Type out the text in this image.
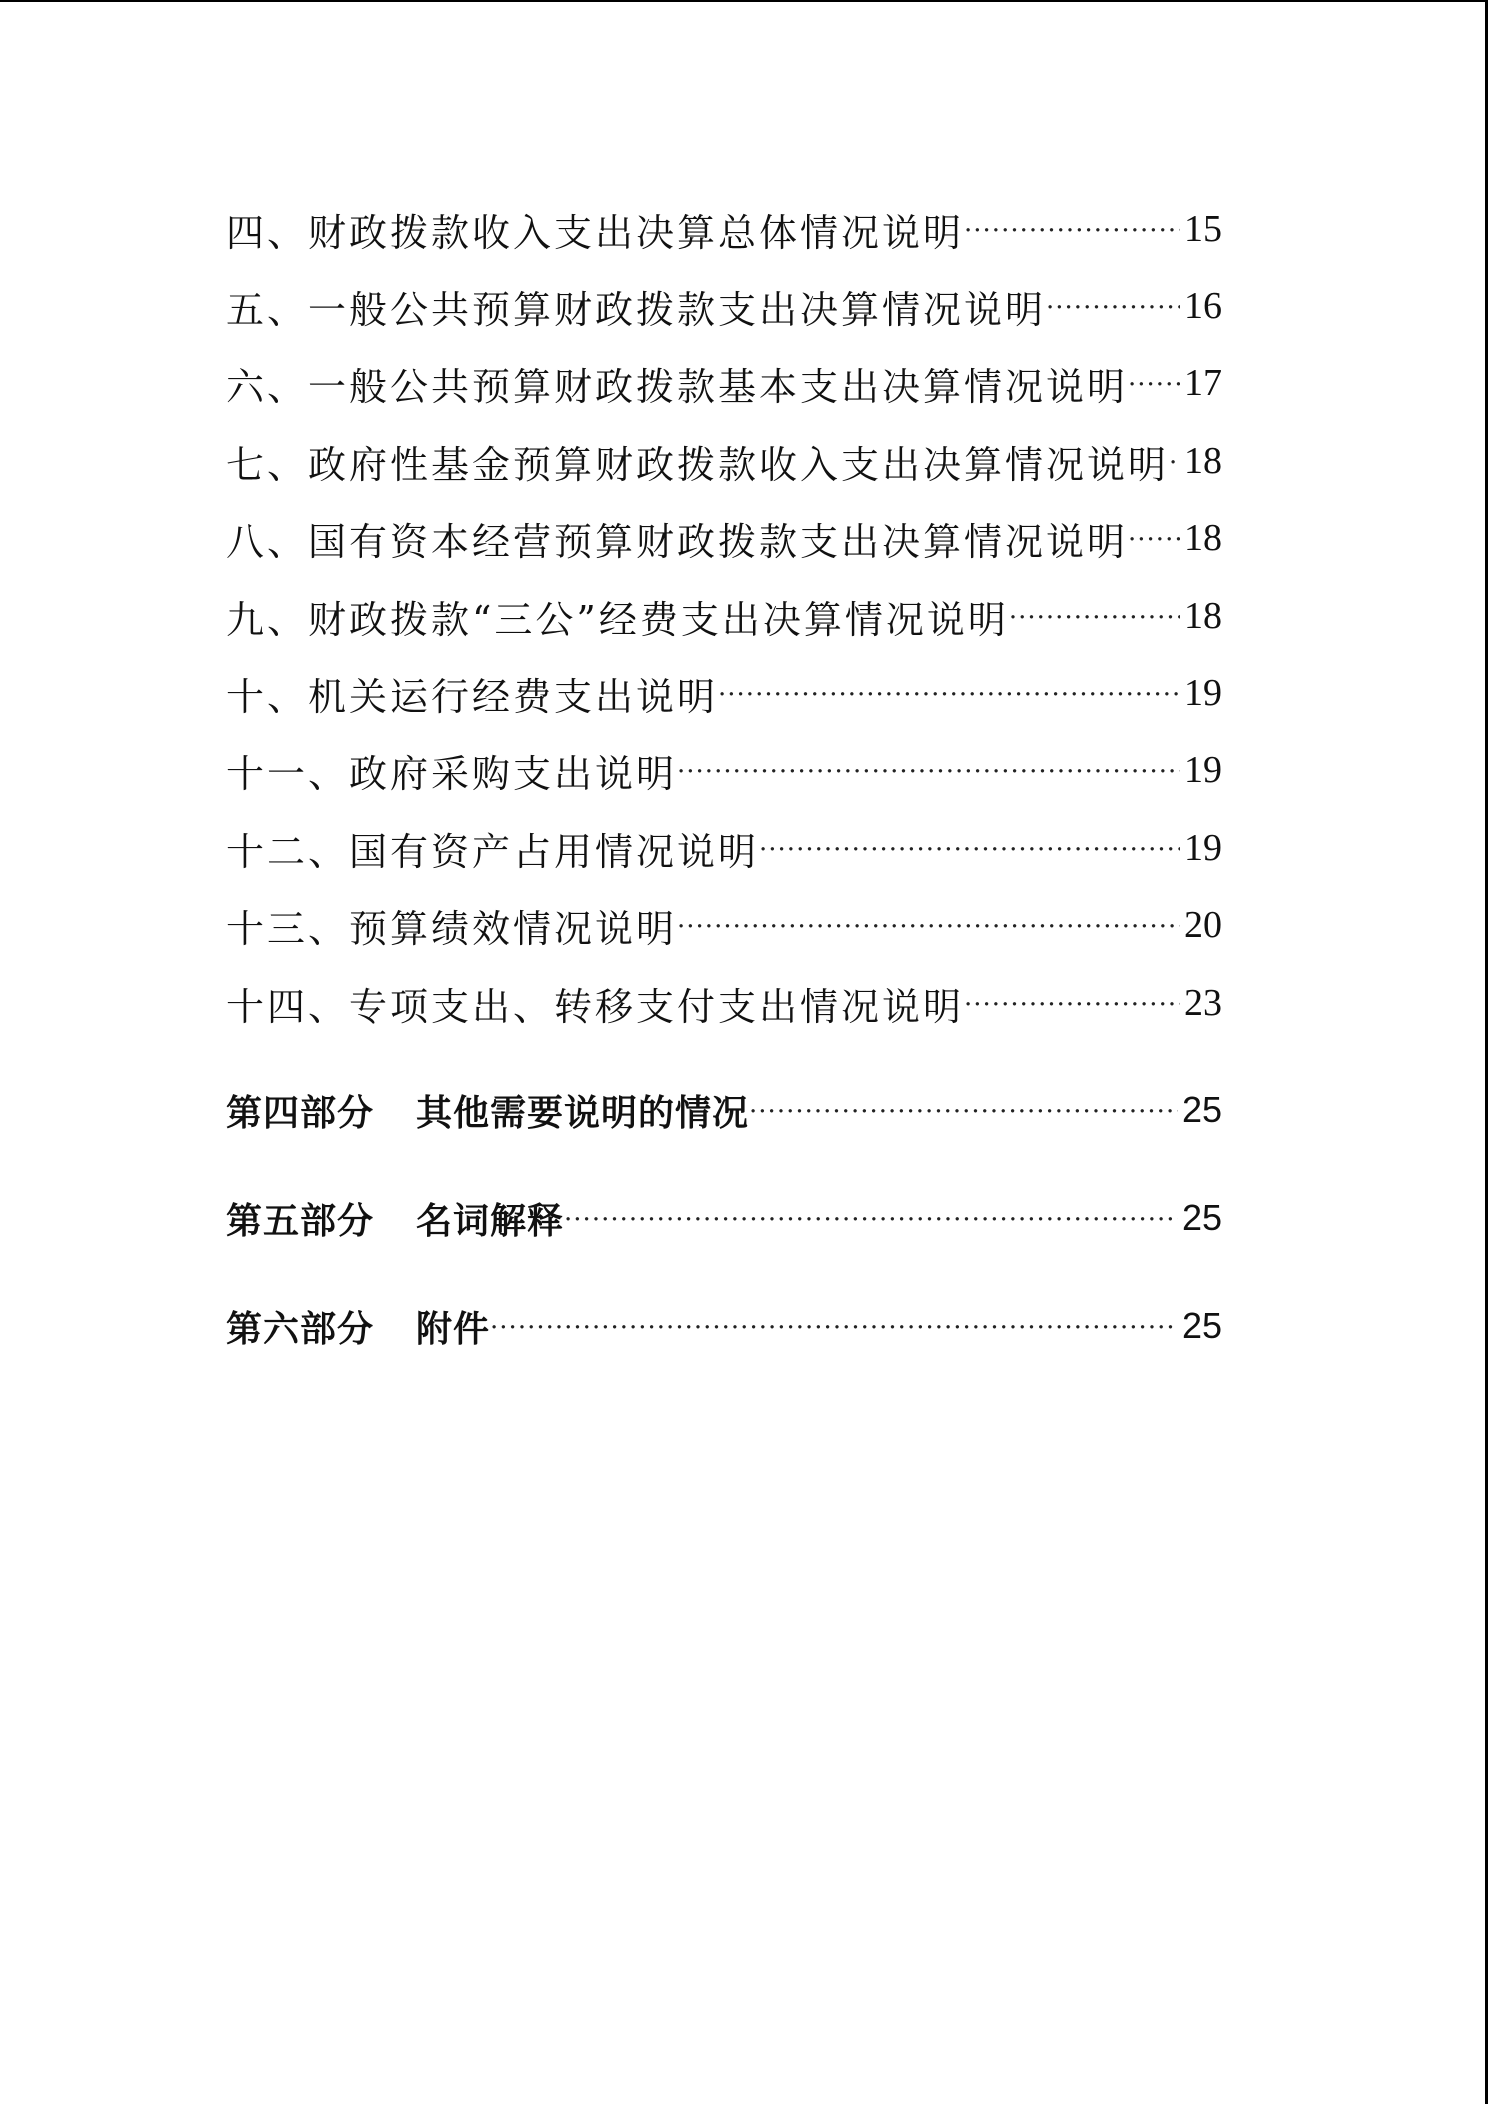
四、财政拨款收入支出决算总体情况说明 ·····	15
五、一般公共预算财政拨款支出决算情况说明 ·····	16
六、一般公共预算财政拨款基本支出决算情况说明 ····· 17
七、政府性基金预算财政拨款收入支出决算情况说明 ····· 18
八、国有资本经营预算财政拨款支出决算情况说明 ····· 18
九、财政拨款“三公”经费支出决算情况说明 ·····	18
十、机关运行经费支出说明 ·····	19
十一、政府采购支出说明 ·····	19
十二、国有资产占用情况说明 ·····	19
十三、预算绩效情况说明 ·····	20
十四、专项支出、转移支付支出情况说明 ·····	23
第四部分 其他需要说明的情况 ·····	25
第五部分 名词解释 ·····	25
第六部分 附件 ·····	25
